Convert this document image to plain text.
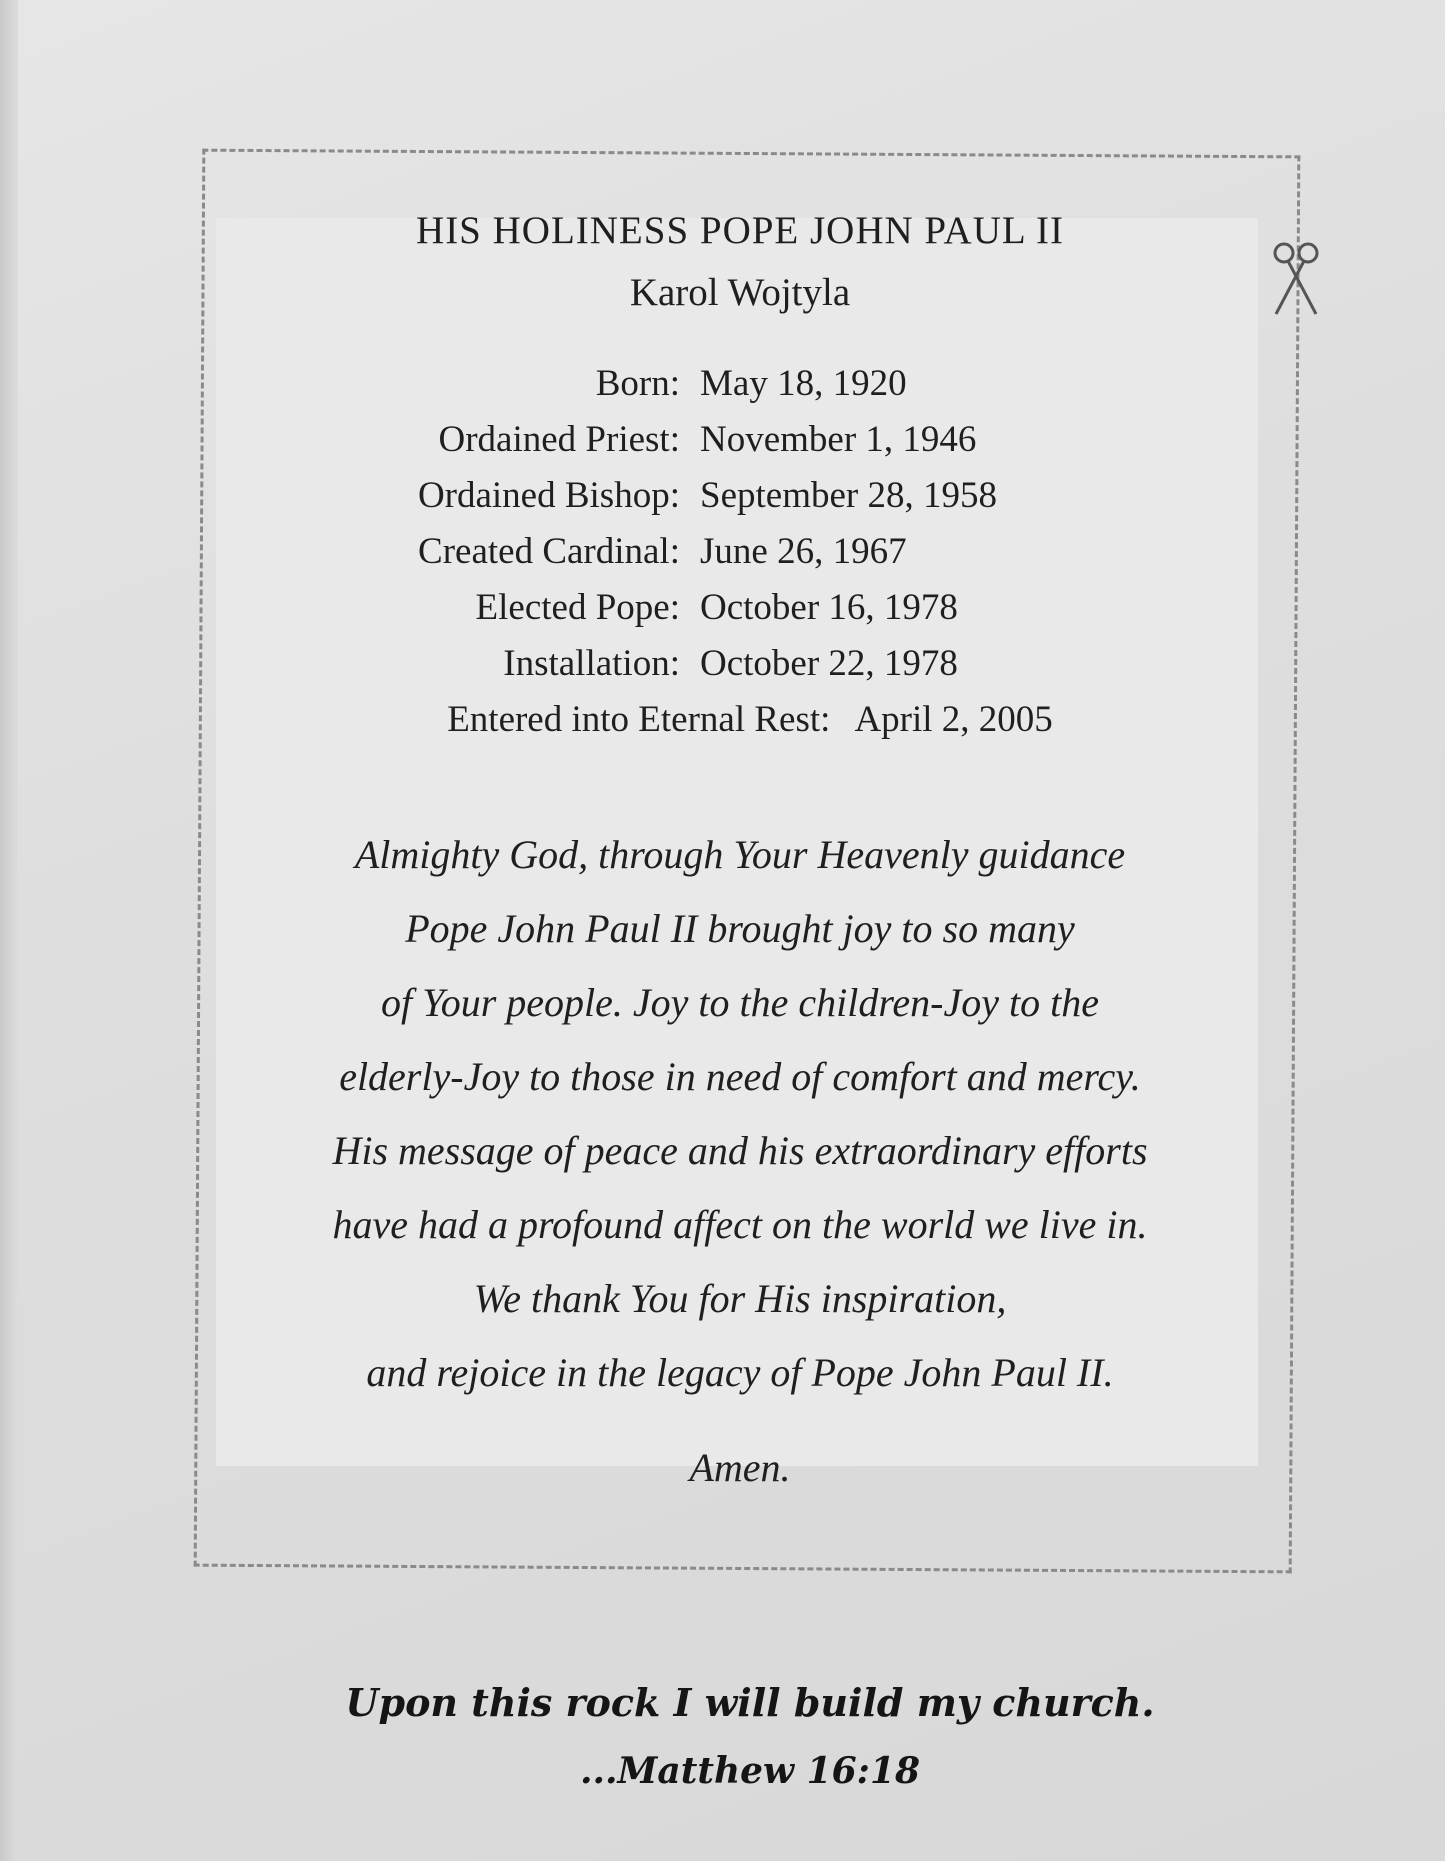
HIS HOLINESS POPE JOHN PAUL II
Karol Wojtyla
Born: May 18, 1920
Ordained Priest: November 1, 1946
Ordained Bishop: September 28, 1958
Created Cardinal: June 26, 1967
Elected Pope: October 16, 1978
Installation: October 22, 1978
Entered into Eternal Rest: April 2, 2005
Almighty God, through Your Heavenly guidance
Pope John Paul II brought joy to so many
of Your people. Joy to the children-Joy to the
elderly-Joy to those in need of comfort and mercy.
His message of peace and his extraordinary efforts
have had a profound affect on the world we live in.
We thank You for His inspiration,
and rejoice in the legacy of Pope John Paul II.
Amen.
Upon this rock I will build my church.
...Matthew 16:18
